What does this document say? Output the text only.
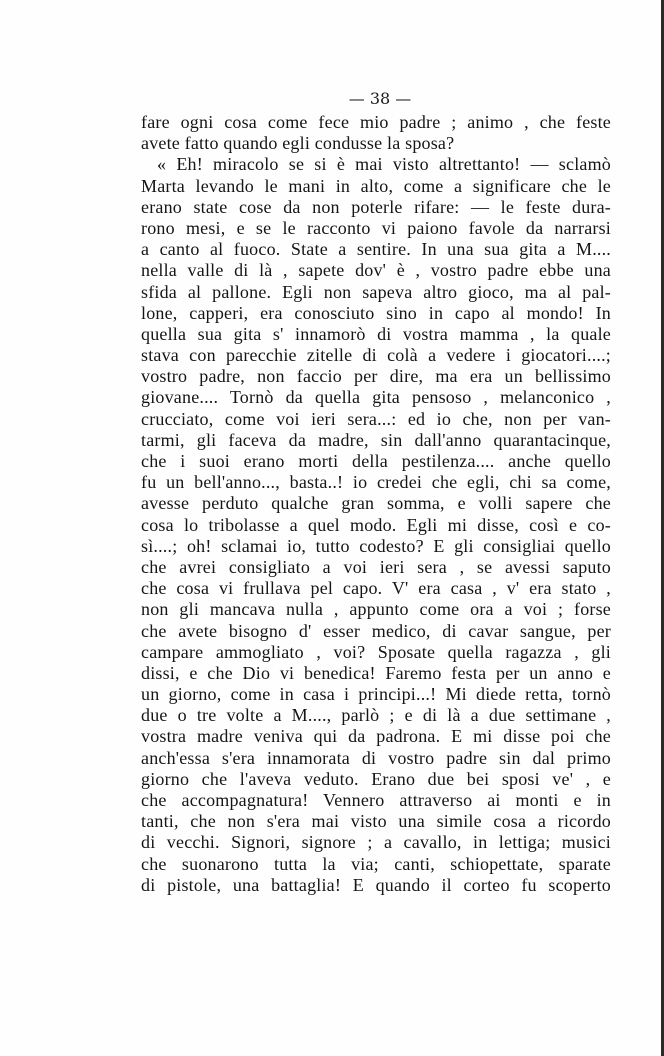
— 38 —
fare ogni cosa come fece mio padre ; animo , che feste
avete fatto quando egli condusse la sposa?
« Eh! miracolo se si è mai visto altrettanto! — sclamò
Marta levando le mani in alto, come a significare che le
erano state cose da non poterle rifare: — le feste dura-
rono mesi, e se le racconto vi paiono favole da narrarsi
a canto al fuoco. State a sentire. In una sua gita a M....
nella valle di là , sapete dov' è , vostro padre ebbe una
sfida al pallone. Egli non sapeva altro gioco, ma al pal-
lone, capperi, era conosciuto sino in capo al mondo! In
quella sua gita s' innamorò di vostra mamma , la quale
stava con parecchie zitelle di colà a vedere i giocatori....;
vostro padre, non faccio per dire, ma era un bellissimo
giovane.... Tornò da quella gita pensoso , melanconico ,
crucciato, come voi ieri sera...: ed io che, non per van-
tarmi, gli faceva da madre, sin dall'anno quarantacinque,
che i suoi erano morti della pestilenza.... anche quello
fu un bell'anno..., basta..! io credei che egli, chi sa come,
avesse perduto qualche gran somma, e volli sapere che
cosa lo tribolasse a quel modo. Egli mi disse, così e co-
sì....; oh! sclamai io, tutto codesto? E gli consigliai quello
che avrei consigliato a voi ieri sera , se avessi saputo
che cosa vi frullava pel capo. V' era casa , v' era stato ,
non gli mancava nulla , appunto come ora a voi ; forse
che avete bisogno d' esser medico, di cavar sangue, per
campare ammogliato , voi? Sposate quella ragazza , gli
dissi, e che Dio vi benedica! Faremo festa per un anno e
un giorno, come in casa i principi...! Mi diede retta, tornò
due o tre volte a M...., parlò ; e di là a due settimane ,
vostra madre veniva qui da padrona. E mi disse poi che
anch'essa s'era innamorata di vostro padre sin dal primo
giorno che l'aveva veduto. Erano due bei sposi ve' , e
che accompagnatura! Vennero attraverso ai monti e in
tanti, che non s'era mai visto una simile cosa a ricordo
di vecchi. Signori, signore ; a cavallo, in lettiga; musici
che suonarono tutta la via; canti, schiopettate, sparate
di pistole, una battaglia! E quando il corteo fu scoperto
